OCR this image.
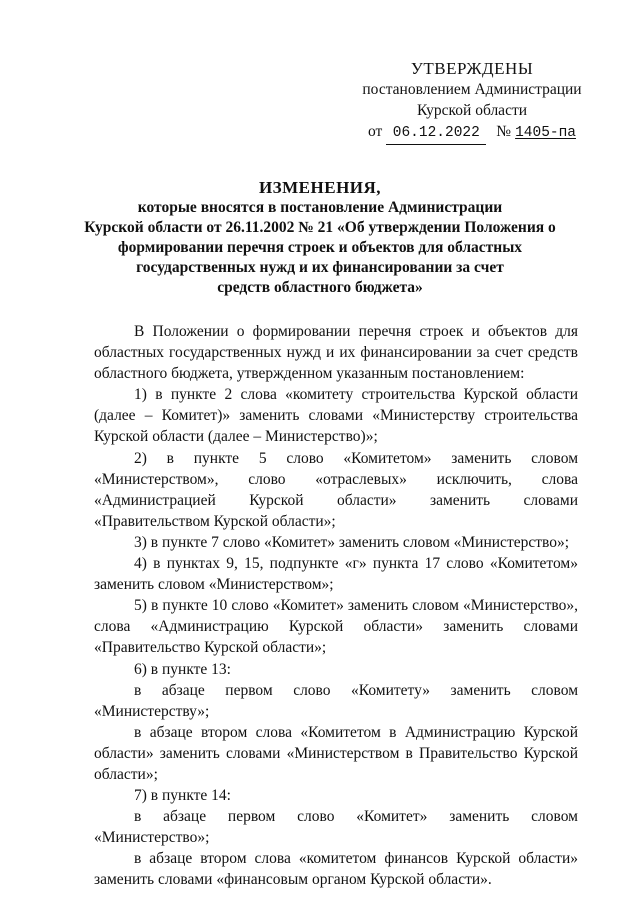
УТВЕРЖДЕНЫ
постановлением Администрации
Курской области
от 06.12.2022	№ 1405-па
ИЗМЕНЕНИЯ,
которые вносятся в постановление Администрации
Курской области от 26.11.2002 № 21 «Об утверждении Положения о
формировании перечня строек и объектов для областных
государственных нужд и их финансировании за счет
средств областного бюджета»

В Положении о формировании перечня строек и объектов для областных государственных нужд и их финансировании за счет средств областного бюджета, утвержденном указанным постановлением:

1) в пункте 2 слова «комитету строительства Курской области (далее – Комитет)» заменить словами «Министерству строительства Курской области (далее – Министерство)»;

2) в пункте 5 слово «Комитетом» заменить словом «Министерством», слово «отраслевых» исключить, слова «Администрацией Курской области» заменить словами «Правительством Курской области»;

3) в пункте 7 слово «Комитет» заменить словом «Министерство»;

4) в пунктах 9, 15, подпункте «г» пункта 17 слово «Комитетом» заменить словом «Министерством»;

5) в пункте 10 слово «Комитет» заменить словом «Министерство», слова «Администрацию Курской области» заменить словами «Правительство Курской области»;

6) в пункте 13:

в абзаце первом слово «Комитету» заменить словом «Министерству»;

в абзаце втором слова «Комитетом в Администрацию Курской области» заменить словами «Министерством в Правительство Курской области»;

7) в пункте 14:

в абзаце первом слово «Комитет» заменить словом «Министерство»;

в абзаце втором слова «комитетом финансов Курской области» заменить словами «финансовым органом Курской области».
